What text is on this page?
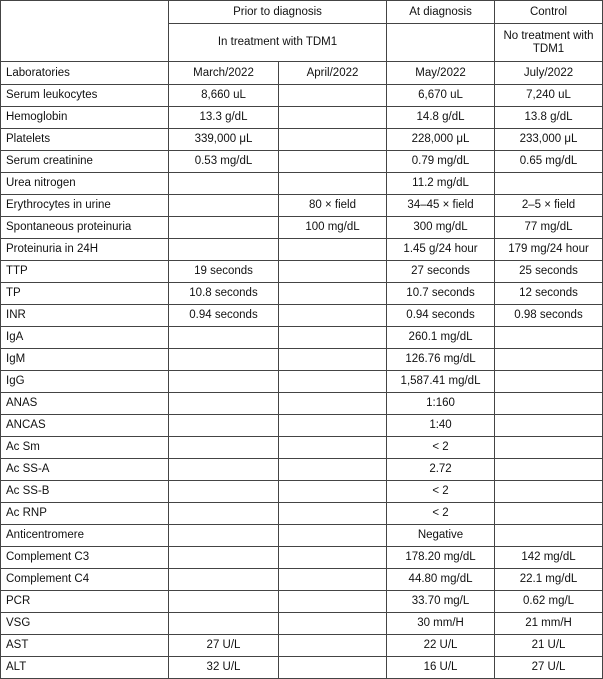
	Prior to diagnosis		At diagnosis	Control
	In treatment with TDM1			No treatment with TDM1
Laboratories	March/2022	April/2022	May/2022	July/2022
Serum leukocytes	8,660 uL		6,670 uL	7,240 uL
Hemoglobin	13.3 g/dL		14.8 g/dL	13.8 g/dL
Platelets	339,000 μL		228,000 μL	233,000 μL
Serum creatinine	0.53 mg/dL		0.79 mg/dL	0.65 mg/dL
Urea nitrogen			11.2 mg/dL	
Erythrocytes in urine		80 × field	34–45 × field	2–5 × field
Spontaneous proteinuria		100 mg/dL	300 mg/dL	77 mg/dL
Proteinuria in 24H			1.45 g/24 hour	179 mg/24 hour
TTP	19 seconds		27 seconds	25 seconds
TP	10.8 seconds		10.7 seconds	12 seconds
INR	0.94 seconds		0.94 seconds	0.98 seconds
IgA			260.1 mg/dL	
IgM			126.76 mg/dL	
IgG			1,587.41 mg/dL	
ANAS			1:160	
ANCAS			1:40	
Ac Sm			< 2	
Ac SS-A			2.72	
Ac SS-B			< 2	
Ac RNP			< 2	
Anticentromere			Negative	
Complement C3			178.20 mg/dL	142 mg/dL
Complement C4			44.80 mg/dL	22.1 mg/dL
PCR			33.70 mg/L	0.62 mg/L
VSG			30 mm/H	21 mm/H
AST	27 U/L		22 U/L	21 U/L
ALT	32 U/L		16 U/L	27 U/L
